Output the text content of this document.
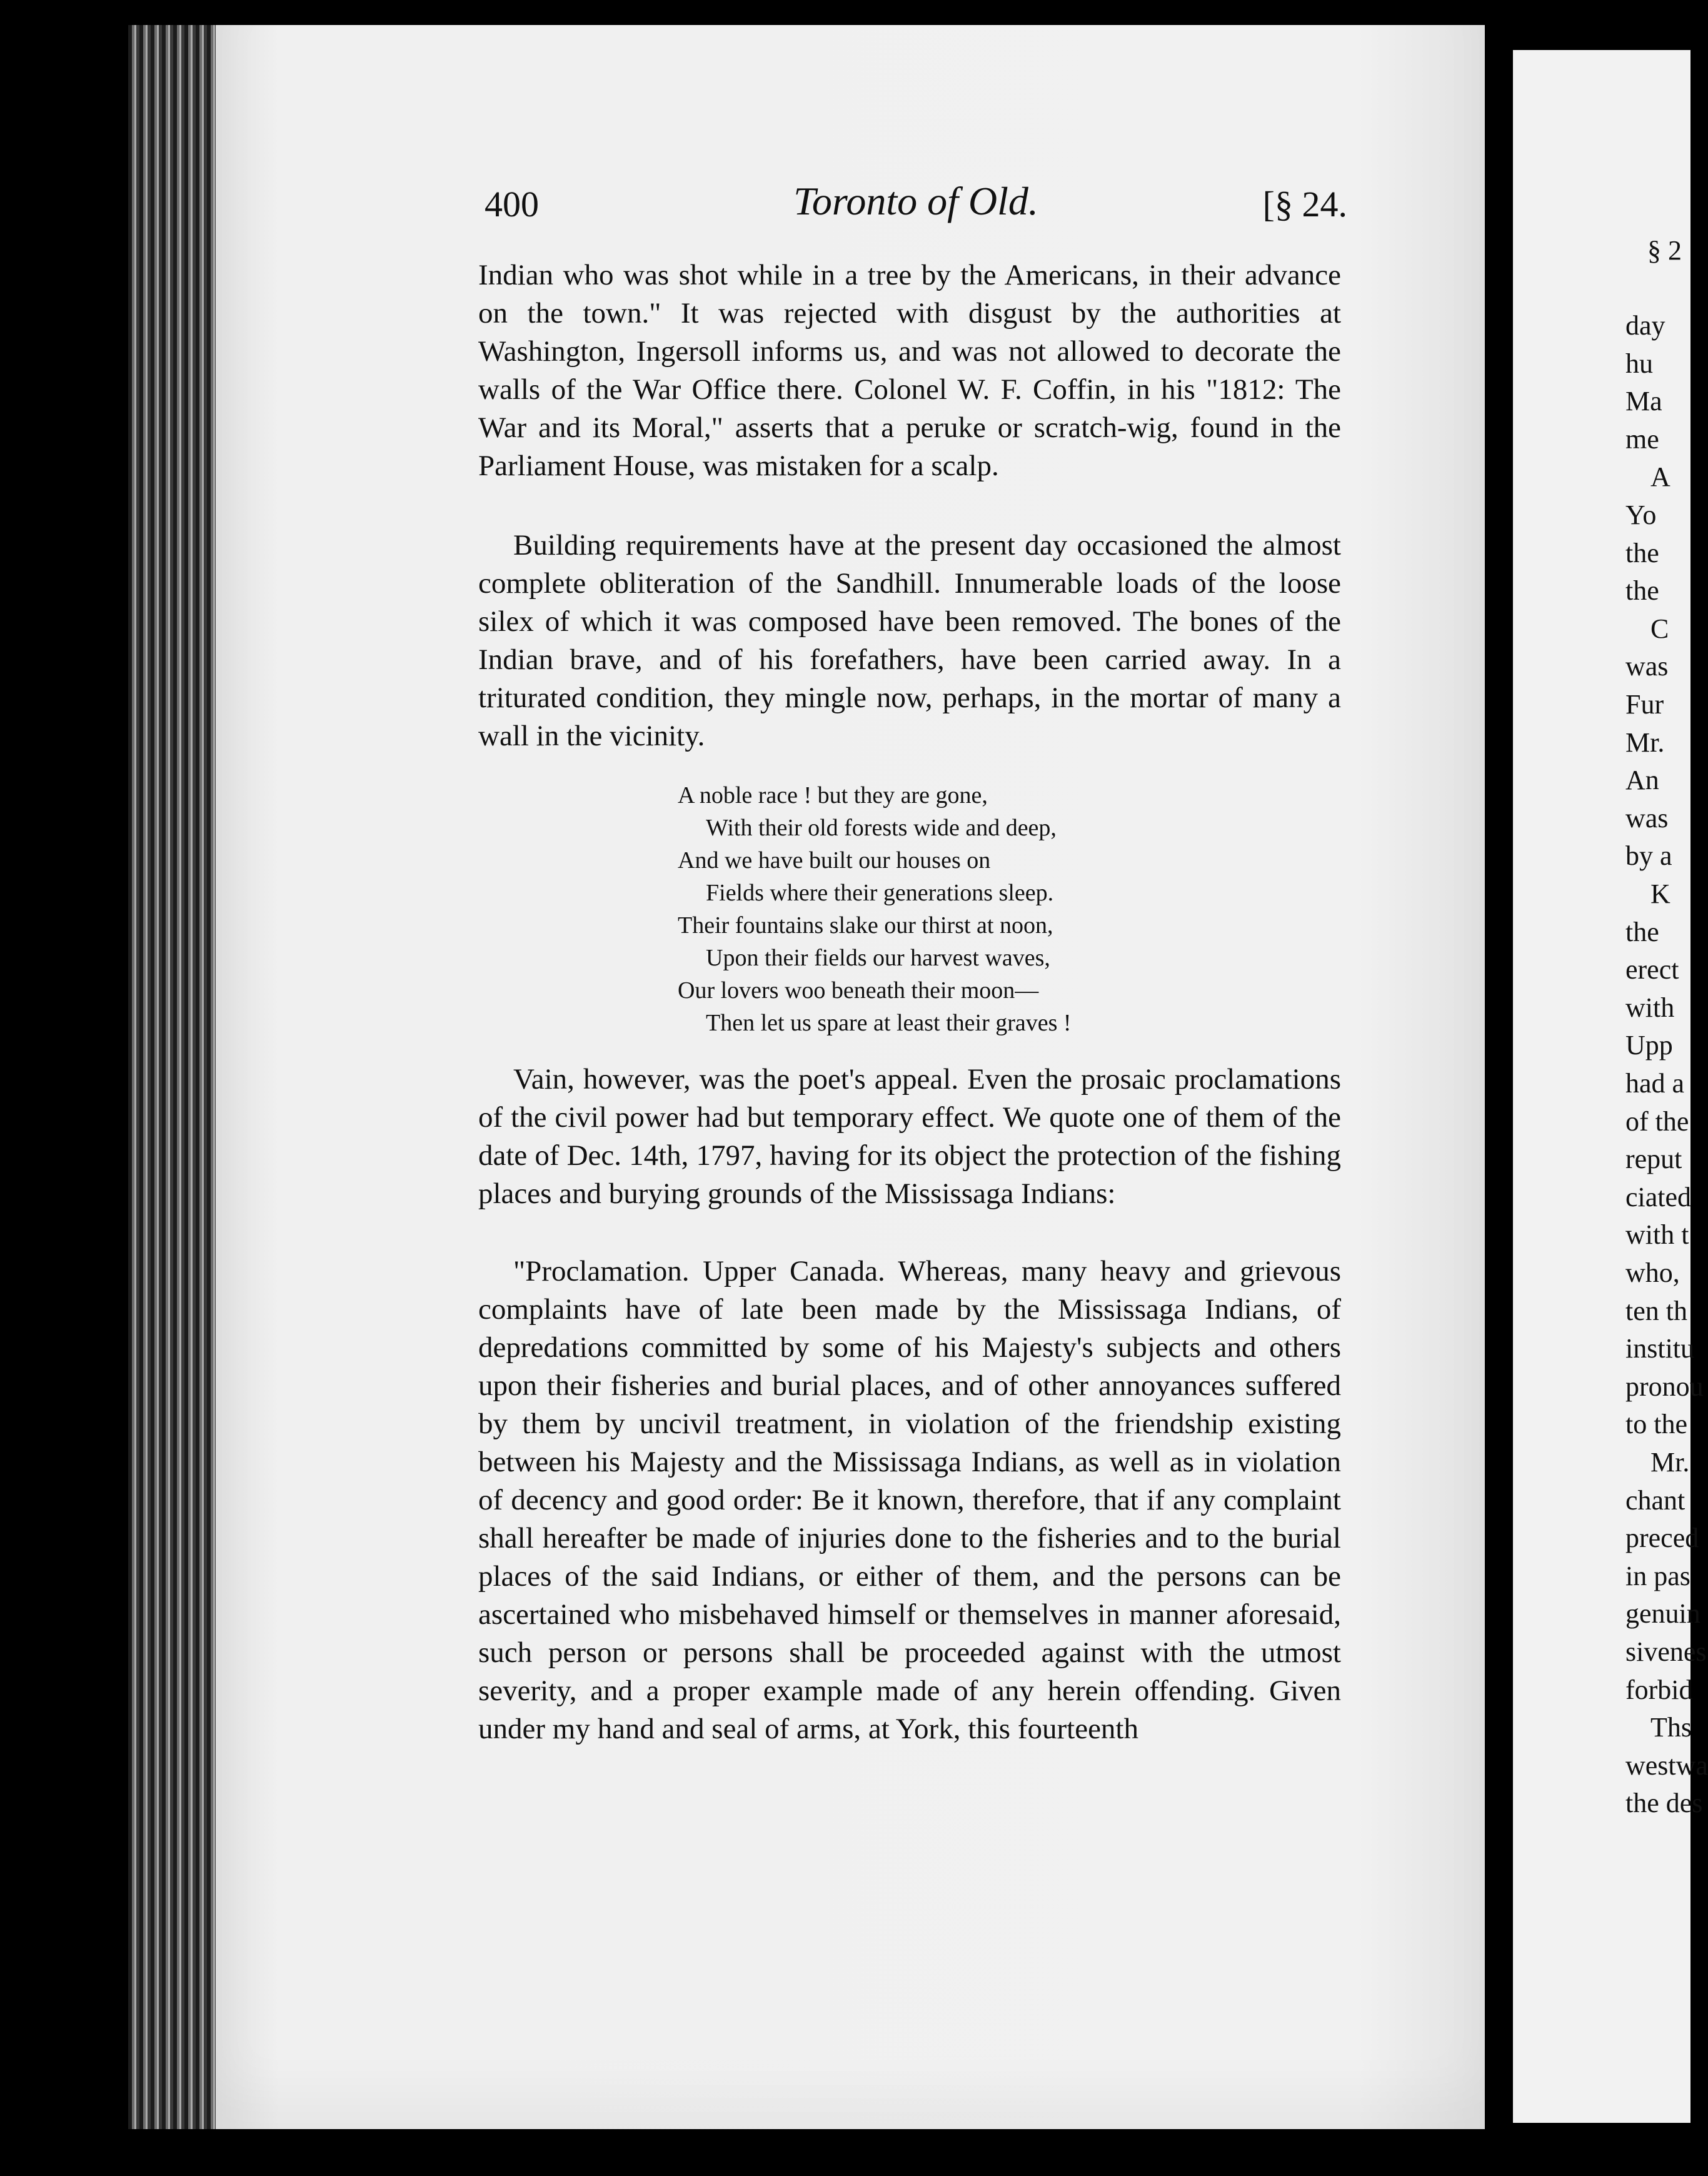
400	Toronto of Old.	[§ 24.

Indian who was shot while in a tree by the Americans, in their advance on the town." It was rejected with disgust by the authorities at Washington, Ingersoll informs us, and was not allowed to decorate the walls of the War Office there. Colonel W. F. Coffin, in his "1812: The War and its Moral," asserts that a peruke or scratch-wig, found in the Parliament House, was mistaken for a scalp.

Building requirements have at the present day occasioned the almost complete obliteration of the Sandhill. Innumerable loads of the loose silex of which it was composed have been removed. The bones of the Indian brave, and of his forefathers, have been carried away. In a triturated condition, they mingle now, perhaps, in the mortar of many a wall in the vicinity.

A noble race ! but they are gone,
With their old forests wide and deep,
And we have built our houses on
Fields where their generations sleep.
Their fountains slake our thirst at noon,
Upon their fields our harvest waves,
Our lovers woo beneath their moon—
Then let us spare at least their graves !

Vain, however, was the poet's appeal. Even the prosaic proclamations of the civil power had but temporary effect. We quote one of them of the date of Dec. 14th, 1797, having for its object the protection of the fishing places and burying grounds of the Mississaga Indians:

"Proclamation. Upper Canada. Whereas, many heavy and grievous complaints have of late been made by the Mississaga Indians, of depredations committed by some of his Majesty's subjects and others upon their fisheries and burial places, and of other annoyances suffered by them by uncivil treatment, in violation of the friendship existing between his Majesty and the Mississaga Indians, as well as in violation of decency and good order: Be it known, therefore, that if any complaint shall hereafter be made of injuries done to the fisheries and to the burial places of the said Indians, or either of them, and the persons can be ascertained who misbehaved himself or themselves in manner aforesaid, such person or persons shall be proceeded against with the utmost severity, and a proper example made of any herein offending. Given under my hand and seal of arms, at York, this fourteenth

§ 2
day
hu
Ma
me
A
Yo
the
the
C
was
Fur
Mr.
An
was
by a
K
the
erect
with
Upp
had a
of the
reput
ciated
with t
who,
ten th
institu
pronou
to the
Mr.
chant
preced
in pas
genuin
sivenes
forbid
Ths
westwa
the des
